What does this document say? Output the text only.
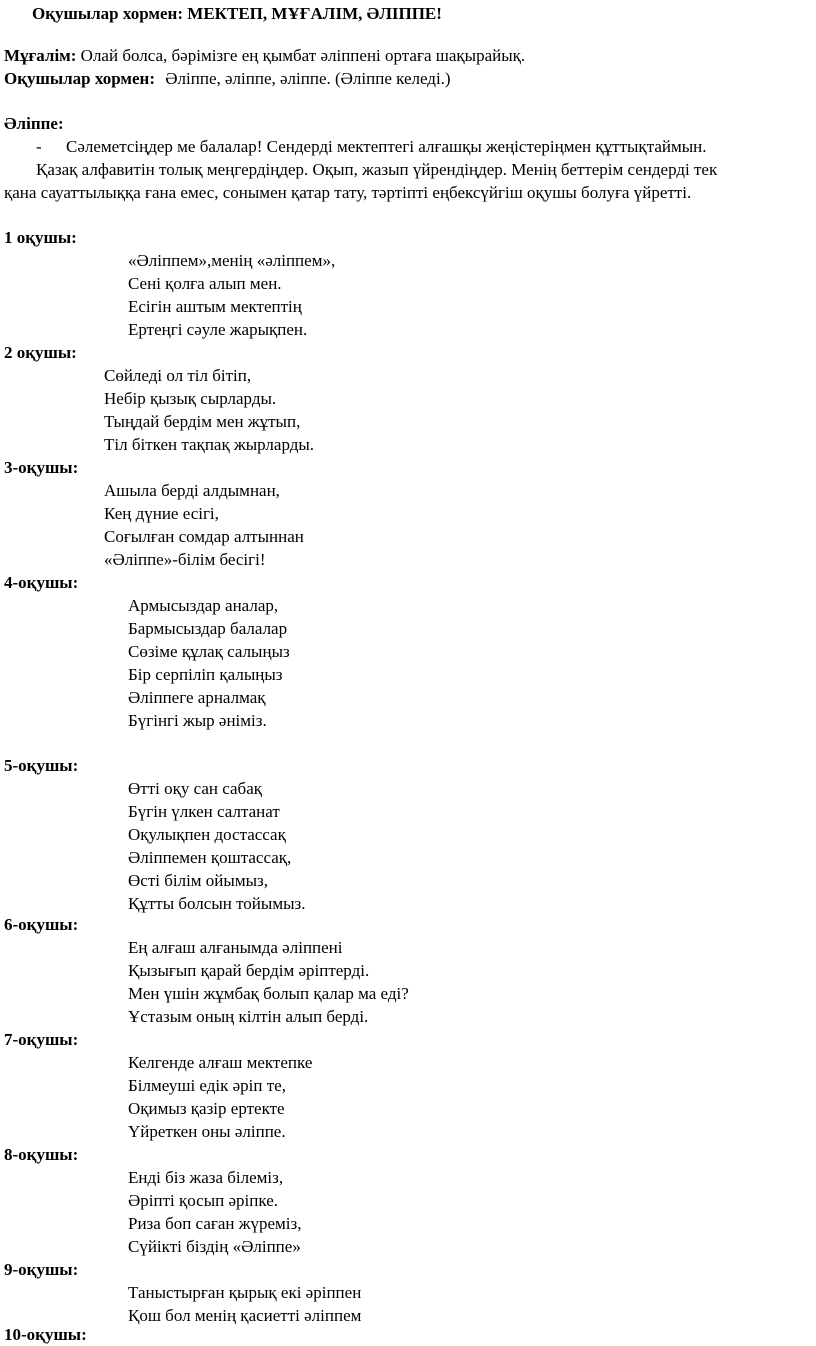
Оқушылар хормен: МЕКТЕП, МҰҒАЛІМ, ӘЛІППЕ!
Мұғалім: Олай болса, бәрімізге ең қымбат әліппені ортаға шақырайық.
Оқушылар хормен: Әліппе, әліппе, әліппе. (Әліппе келеді.)
Әліппе:
- Сәлеметсіңдер ме балалар! Сендерді мектептегі алғашқы жеңістеріңмен құттықтаймын.
Қазақ алфавитін толық меңгердіңдер. Оқып, жазып үйрендіңдер. Менің беттерім сендерді тек
қана сауаттылыққа ғана емес, сонымен қатар тату, тәртіпті еңбексүйгіш оқушы болуға үйретті.
1 оқушы:
«Әліппем»,менің «әліппем»,
Сені қолға алып мен.
Есігін аштым мектептің
Ертеңгі сәуле жарықпен.
2 оқушы:
Сөйледі ол тіл бітіп,
Небір қызық сырларды.
Тыңдай бердім мен жұтып,
Тіл біткен тақпақ жырларды.
3-оқушы:
Ашыла берді алдымнан,
Кең дүние есігі,
Соғылған сомдар алтыннан
«Әліппе»-білім бесігі!
4-оқушы:
Армысыздар аналар,
Бармысыздар балалар
Сөзіме құлақ салыңыз
Бір серпіліп қалыңыз
Әліппеге арналмақ
Бүгінгі жыр әніміз.
5-оқушы:
Өтті оқу сан сабақ
Бүгін үлкен салтанат
Оқулықпен достассақ
Әліппемен қоштассақ,
Өсті білім ойымыз,
Құтты болсын тойымыз.
6-оқушы:
Ең алғаш алғанымда әліппені
Қызығып қарай бердім әріптерді.
Мен үшін жұмбақ болып қалар ма еді?
Ұстазым оның кілтін алып берді.
7-оқушы:
Келгенде алғаш мектепке
Білмеуші едік әріп те,
Оқимыз қазір ертекте
Үйреткен оны әліппе.
8-оқушы:
Енді біз жаза білеміз,
Әріпті қосып әріпке.
Риза боп саған жүреміз,
Сүйікті біздің «Әліппе»
9-оқушы:
Таныстырған қырық екі әріппен
Қош бол менің қасиетті әліппем
10-оқушы:
